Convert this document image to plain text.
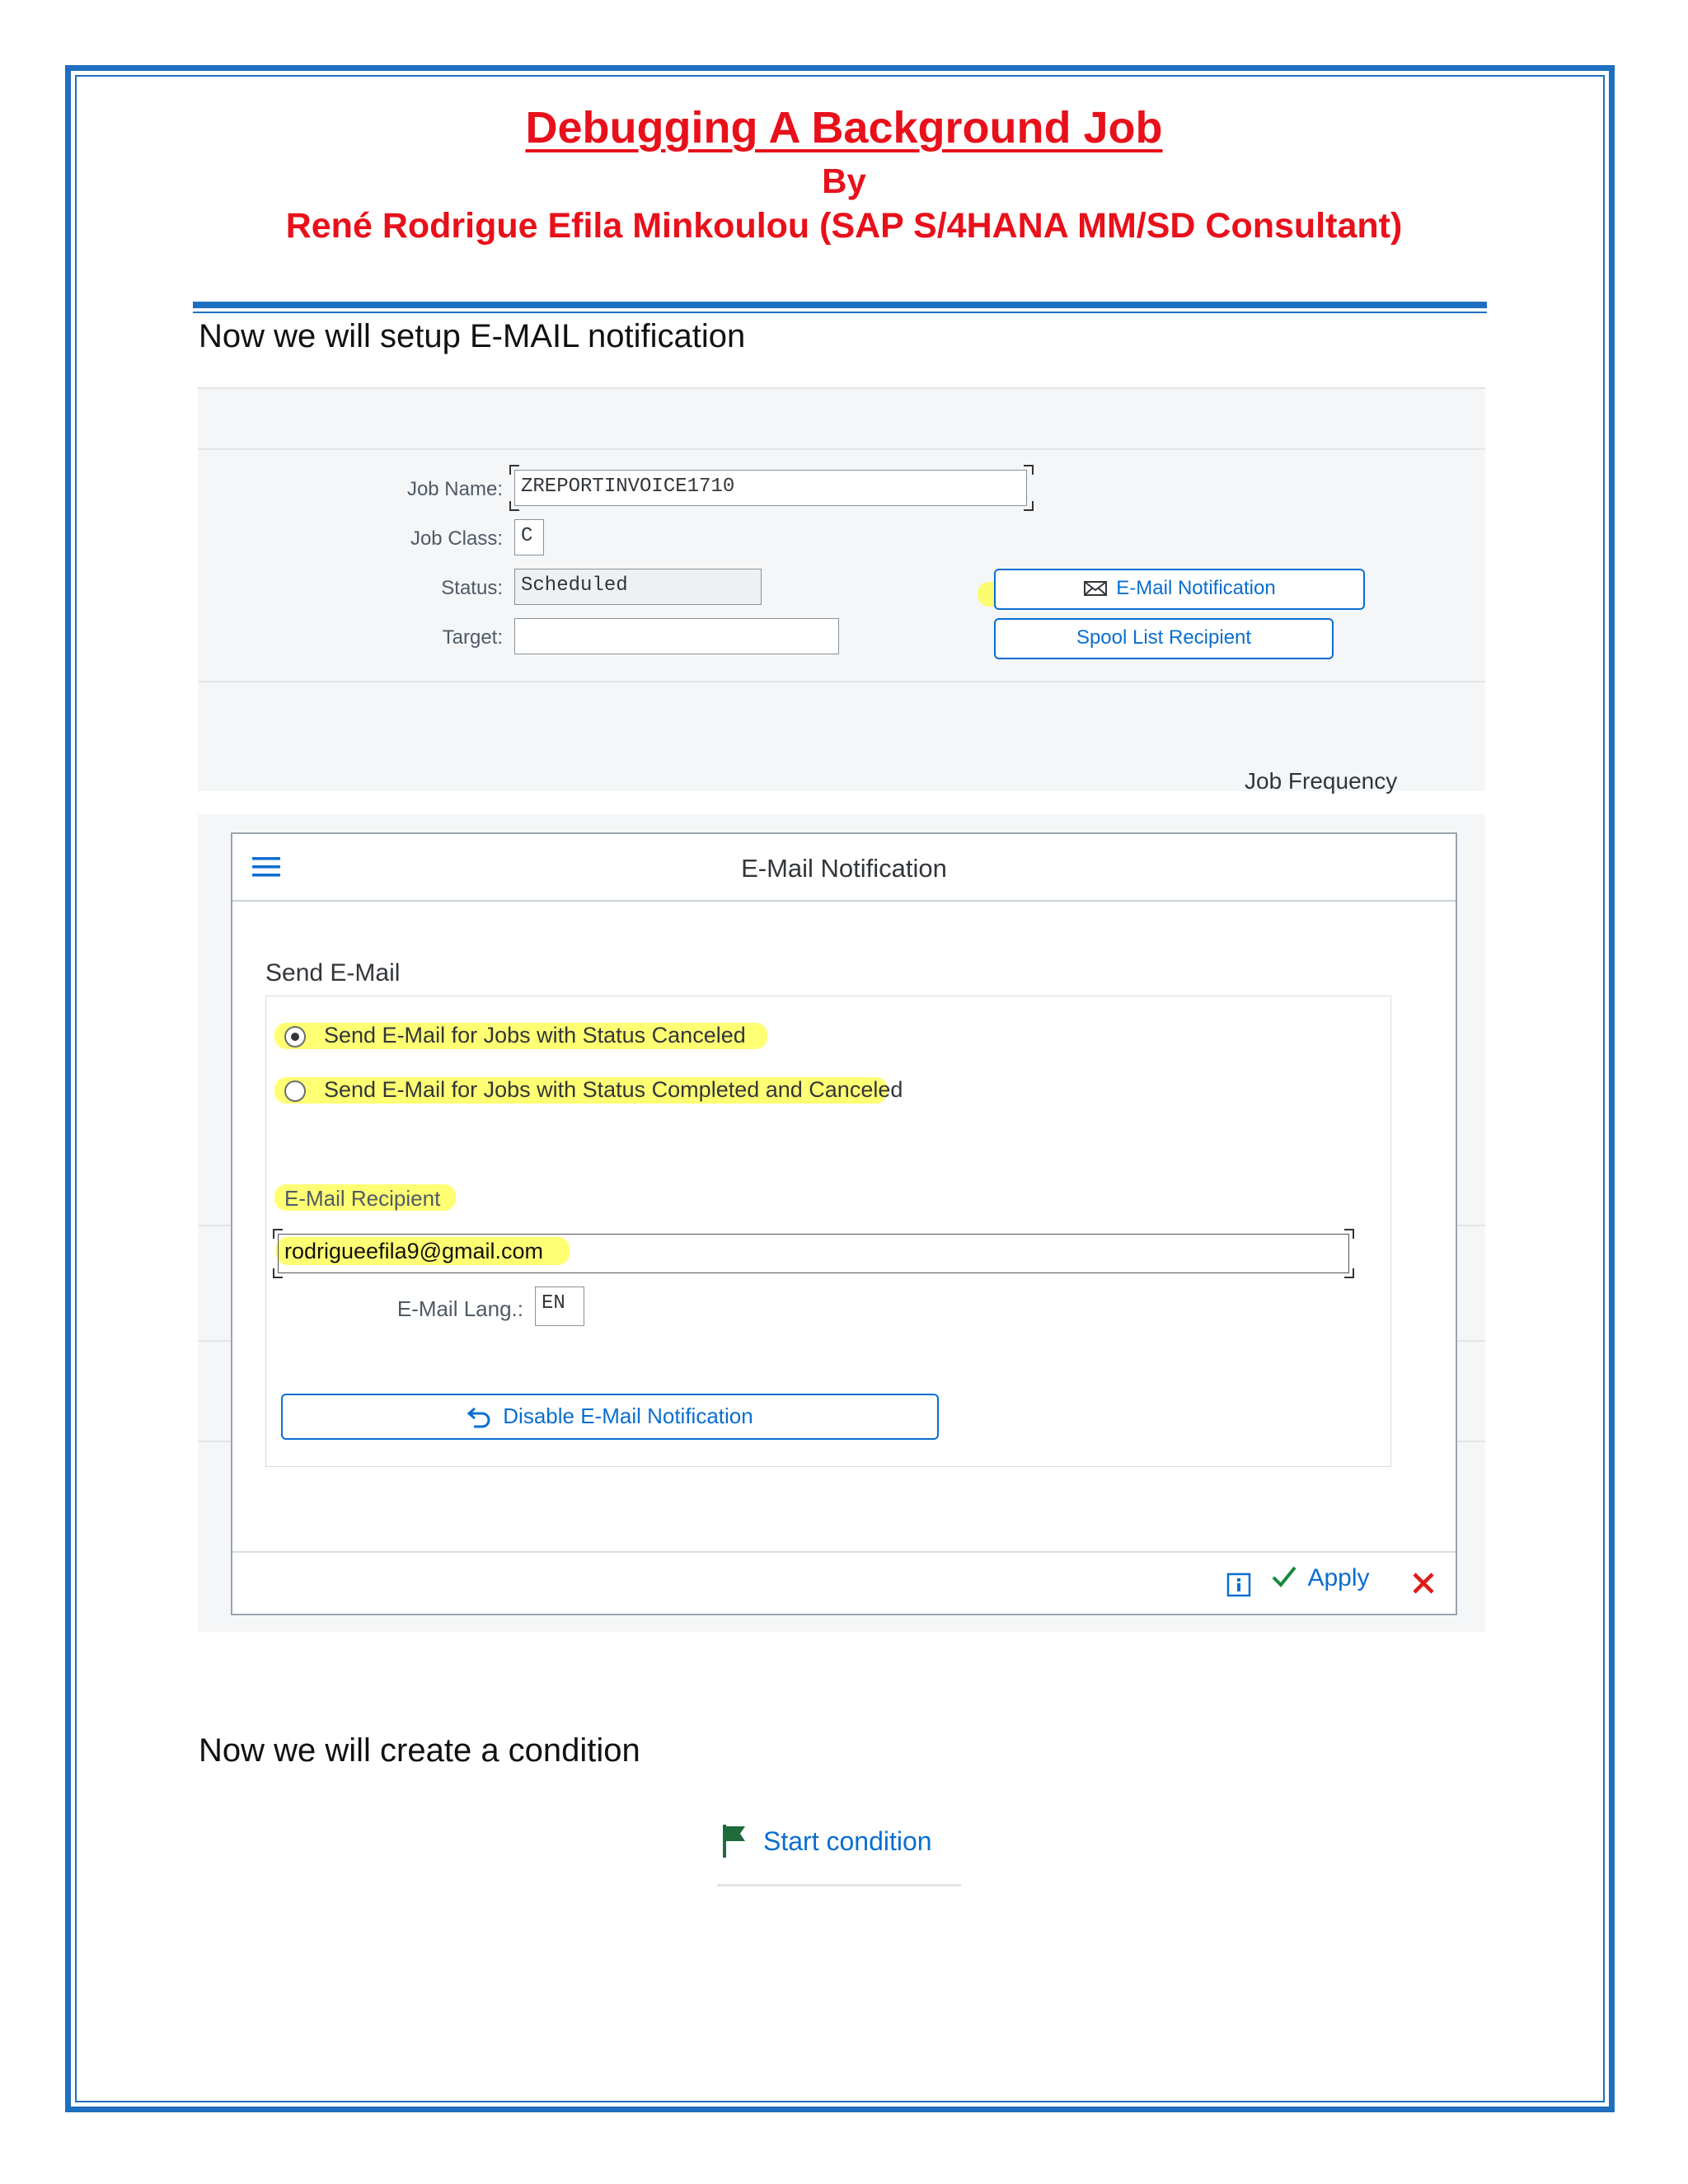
Debugging A Background Job
By
René Rodrigue Efila Minkoulou (SAP S/4HANA MM/SD Consultant)
Now we will setup E-MAIL notification
Job Name: ZREPORTINVOICE1710
Job Class: C
Status: Scheduled
Target:
E-Mail Notification
Spool List Recipient
Job Frequency
E-Mail Notification
Send E-Mail
Send E-Mail for Jobs with Status Canceled
Send E-Mail for Jobs with Status Completed and Canceled
E-Mail Recipient
rodrigueefila9@gmail.com
E-Mail Lang.: EN
Disable E-Mail Notification
Apply
Now we will create a condition
Start condition
